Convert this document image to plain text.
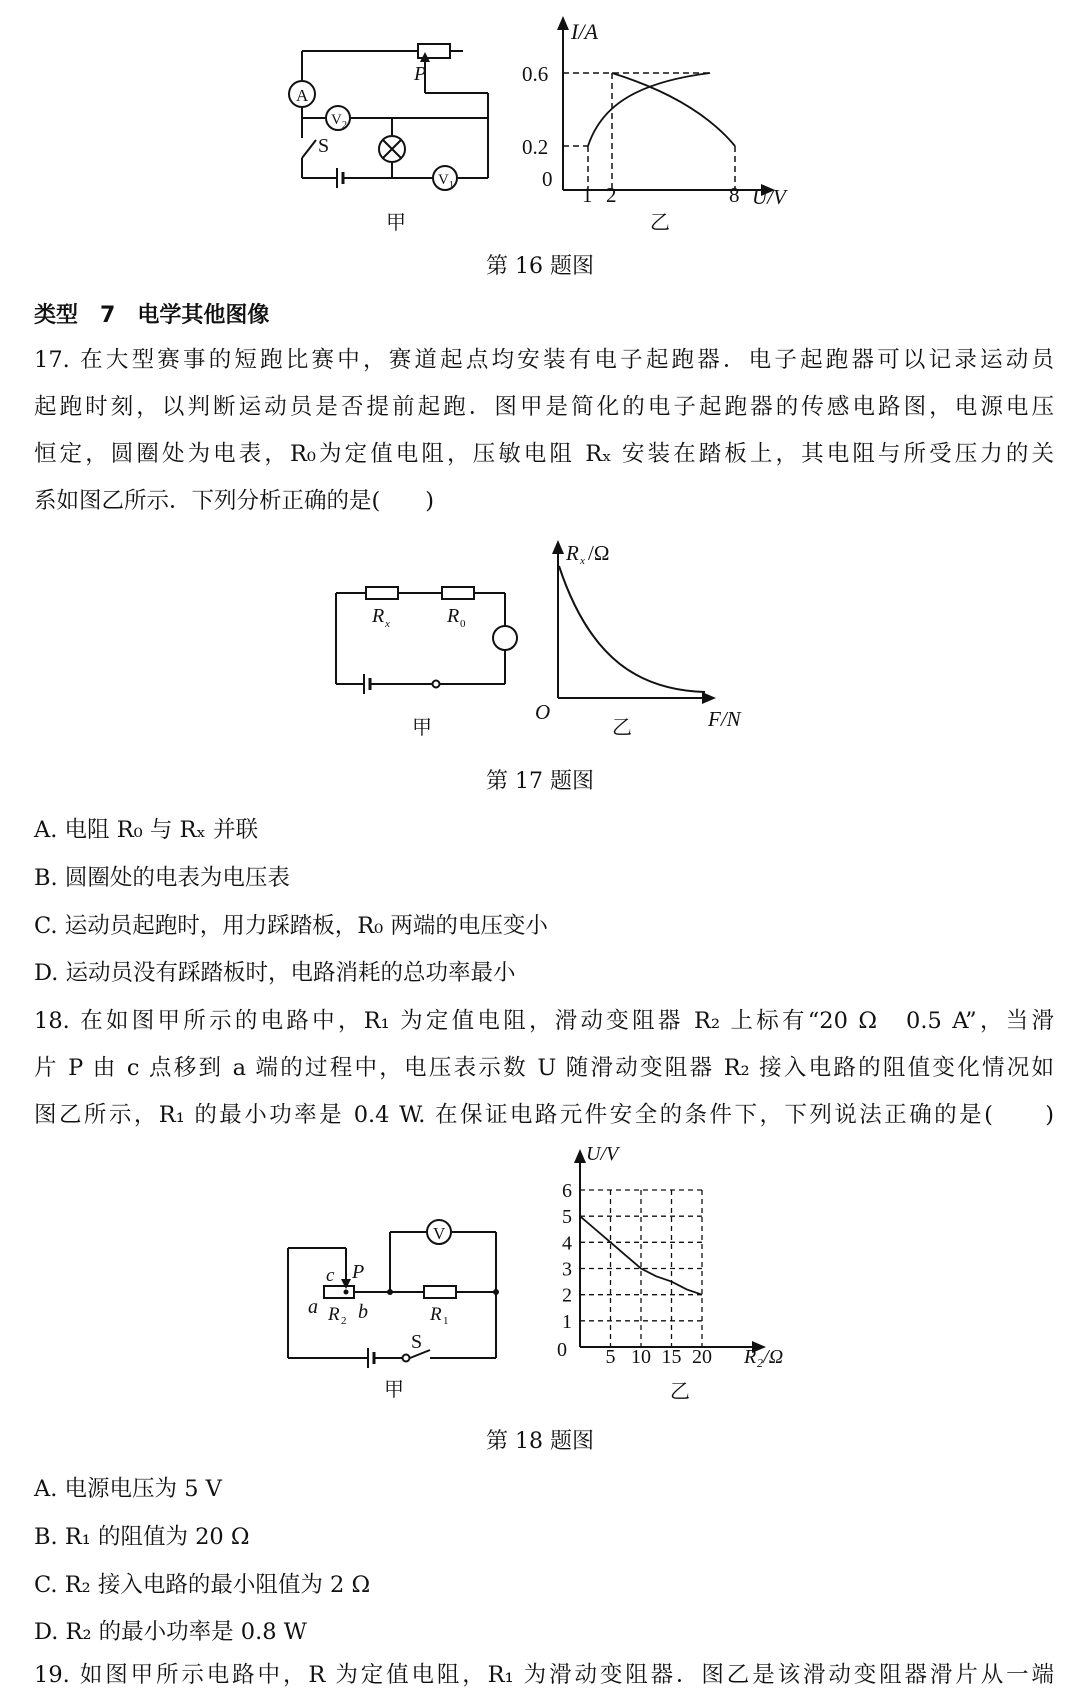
A
V 2
V 1
S
P
甲
I/A
0.6
0.2
0
1 2	8 U/V
乙
第 16 题图
类型 7 电学其他图像
17. 在大型赛事的短跑比赛中，赛道起点均安装有电子起跑器．电子起跑器可以记录运动员
起跑时刻，以判断运动员是否提前起跑．图甲是简化的电子起跑器的传感电路图，电源电压
恒定，圆圈处为电表，R₀为定值电阻，压敏电阻 Rₓ 安装在踏板上，其电阻与所受压力的关
系如图乙所示．下列分析正确的是(　　)
R x	R 0
甲
R x /Ω
O	F/N
乙
第 17 题图
A. 电阻 R₀ 与 Rₓ 并联
B. 圆圈处的电表为电压表
C. 运动员起跑时，用力踩踏板，R₀ 两端的电压变小
D. 运动员没有踩踏板时，电路消耗的总功率最小
18. 在如图甲所示的电路中，R₁ 为定值电阻，滑动变阻器 R₂ 上标有“20 Ω　0.5 A”，当滑
片 P 由 c 点移到 a 端的过程中，电压表示数 U 随滑动变阻器 R₂ 接入电路的阻值变化情况如
图乙所示，R₁ 的最小功率是 0.4 W. 在保证电路元件安全的条件下，下列说法正确的是(　　)
V
S
c P
a b
R 2	R 1
甲
1
2
3
4
5
6
5 10 15 20
U/V
R₂/Ω
0
乙
第 18 题图
A. 电源电压为 5 V
B. R₁ 的阻值为 20 Ω
C. R₂ 接入电路的最小阻值为 2 Ω
D. R₂ 的最小功率是 0.8 W
19. 如图甲所示电路中，R 为定值电阻，R₁ 为滑动变阻器．图乙是该滑动变阻器滑片从一端
